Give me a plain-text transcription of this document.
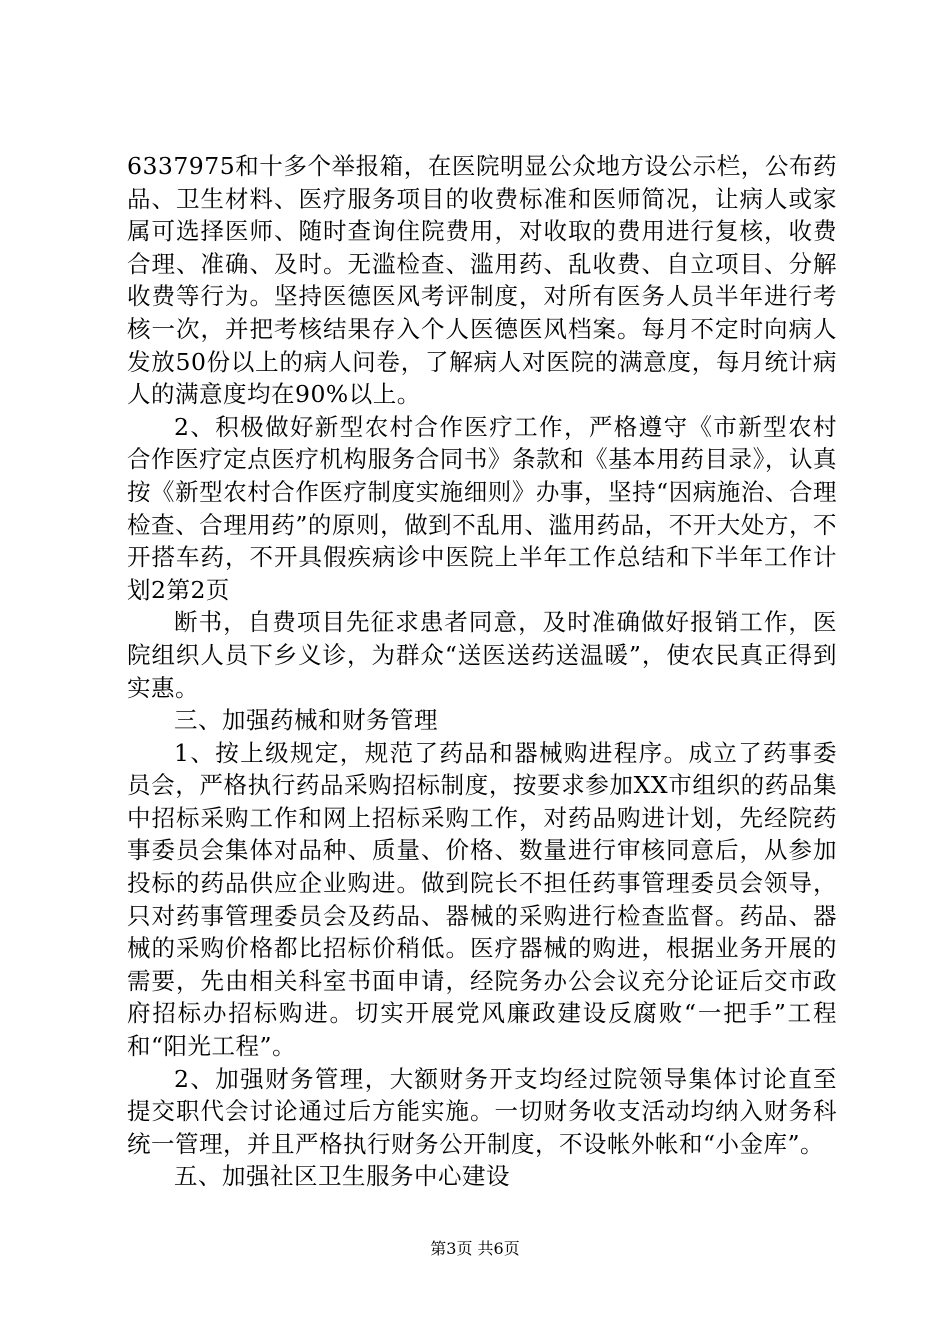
6337975和十多个举报箱，在医院明显公众地方设公示栏，公布药品、卫生材料、医疗服务项目的收费标准和医师简况，让病人或家属可选择医师、随时查询住院费用，对收取的费用进行复核，收费合理、准确、及时。无滥检查、滥用药、乱收费、自立项目、分解收费等行为。坚持医德医风考评制度，对所有医务人员半年进行考核一次，并把考核结果存入个人医德医风档案。每月不定时向病人发放50份以上的病人问卷，了解病人对医院的满意度，每月统计病人的满意度均在90%以上。

2、积极做好新型农村合作医疗工作，严格遵守《市新型农村合作医疗定点医疗机构服务合同书》条款和《基本用药目录》，认真按《新型农村合作医疗制度实施细则》办事，坚持“因病施治、合理检查、合理用药”的原则，做到不乱用、滥用药品，不开大处方，不开搭车药，不开具假疾病诊中医院上半年工作总结和下半年工作计划2第2页

断书，自费项目先征求患者同意，及时准确做好报销工作，医院组织人员下乡义诊，为群众“送医送药送温暖”，使农民真正得到实惠。

三、加强药械和财务管理

1、按上级规定，规范了药品和器械购进程序。成立了药事委员会，严格执行药品采购招标制度，按要求参加XX市组织的药品集中招标采购工作和网上招标采购工作，对药品购进计划，先经院药事委员会集体对品种、质量、价格、数量进行审核同意后，从参加投标的药品供应企业购进。做到院长不担任药事管理委员会领导，只对药事管理委员会及药品、器械的采购进行检查监督。药品、器械的采购价格都比招标价稍低。医疗器械的购进，根据业务开展的需要，先由相关科室书面申请，经院务办公会议充分论证后交市政府招标办招标购进。切实开展党风廉政建设反腐败“一把手”工程和“阳光工程”。

2、加强财务管理，大额财务开支均经过院领导集体讨论直至提交职代会讨论通过后方能实施。一切财务收支活动均纳入财务科统一管理，并且严格执行财务公开制度，不设帐外帐和“小金库”。

五、加强社区卫生服务中心建设

第3页 共6页
